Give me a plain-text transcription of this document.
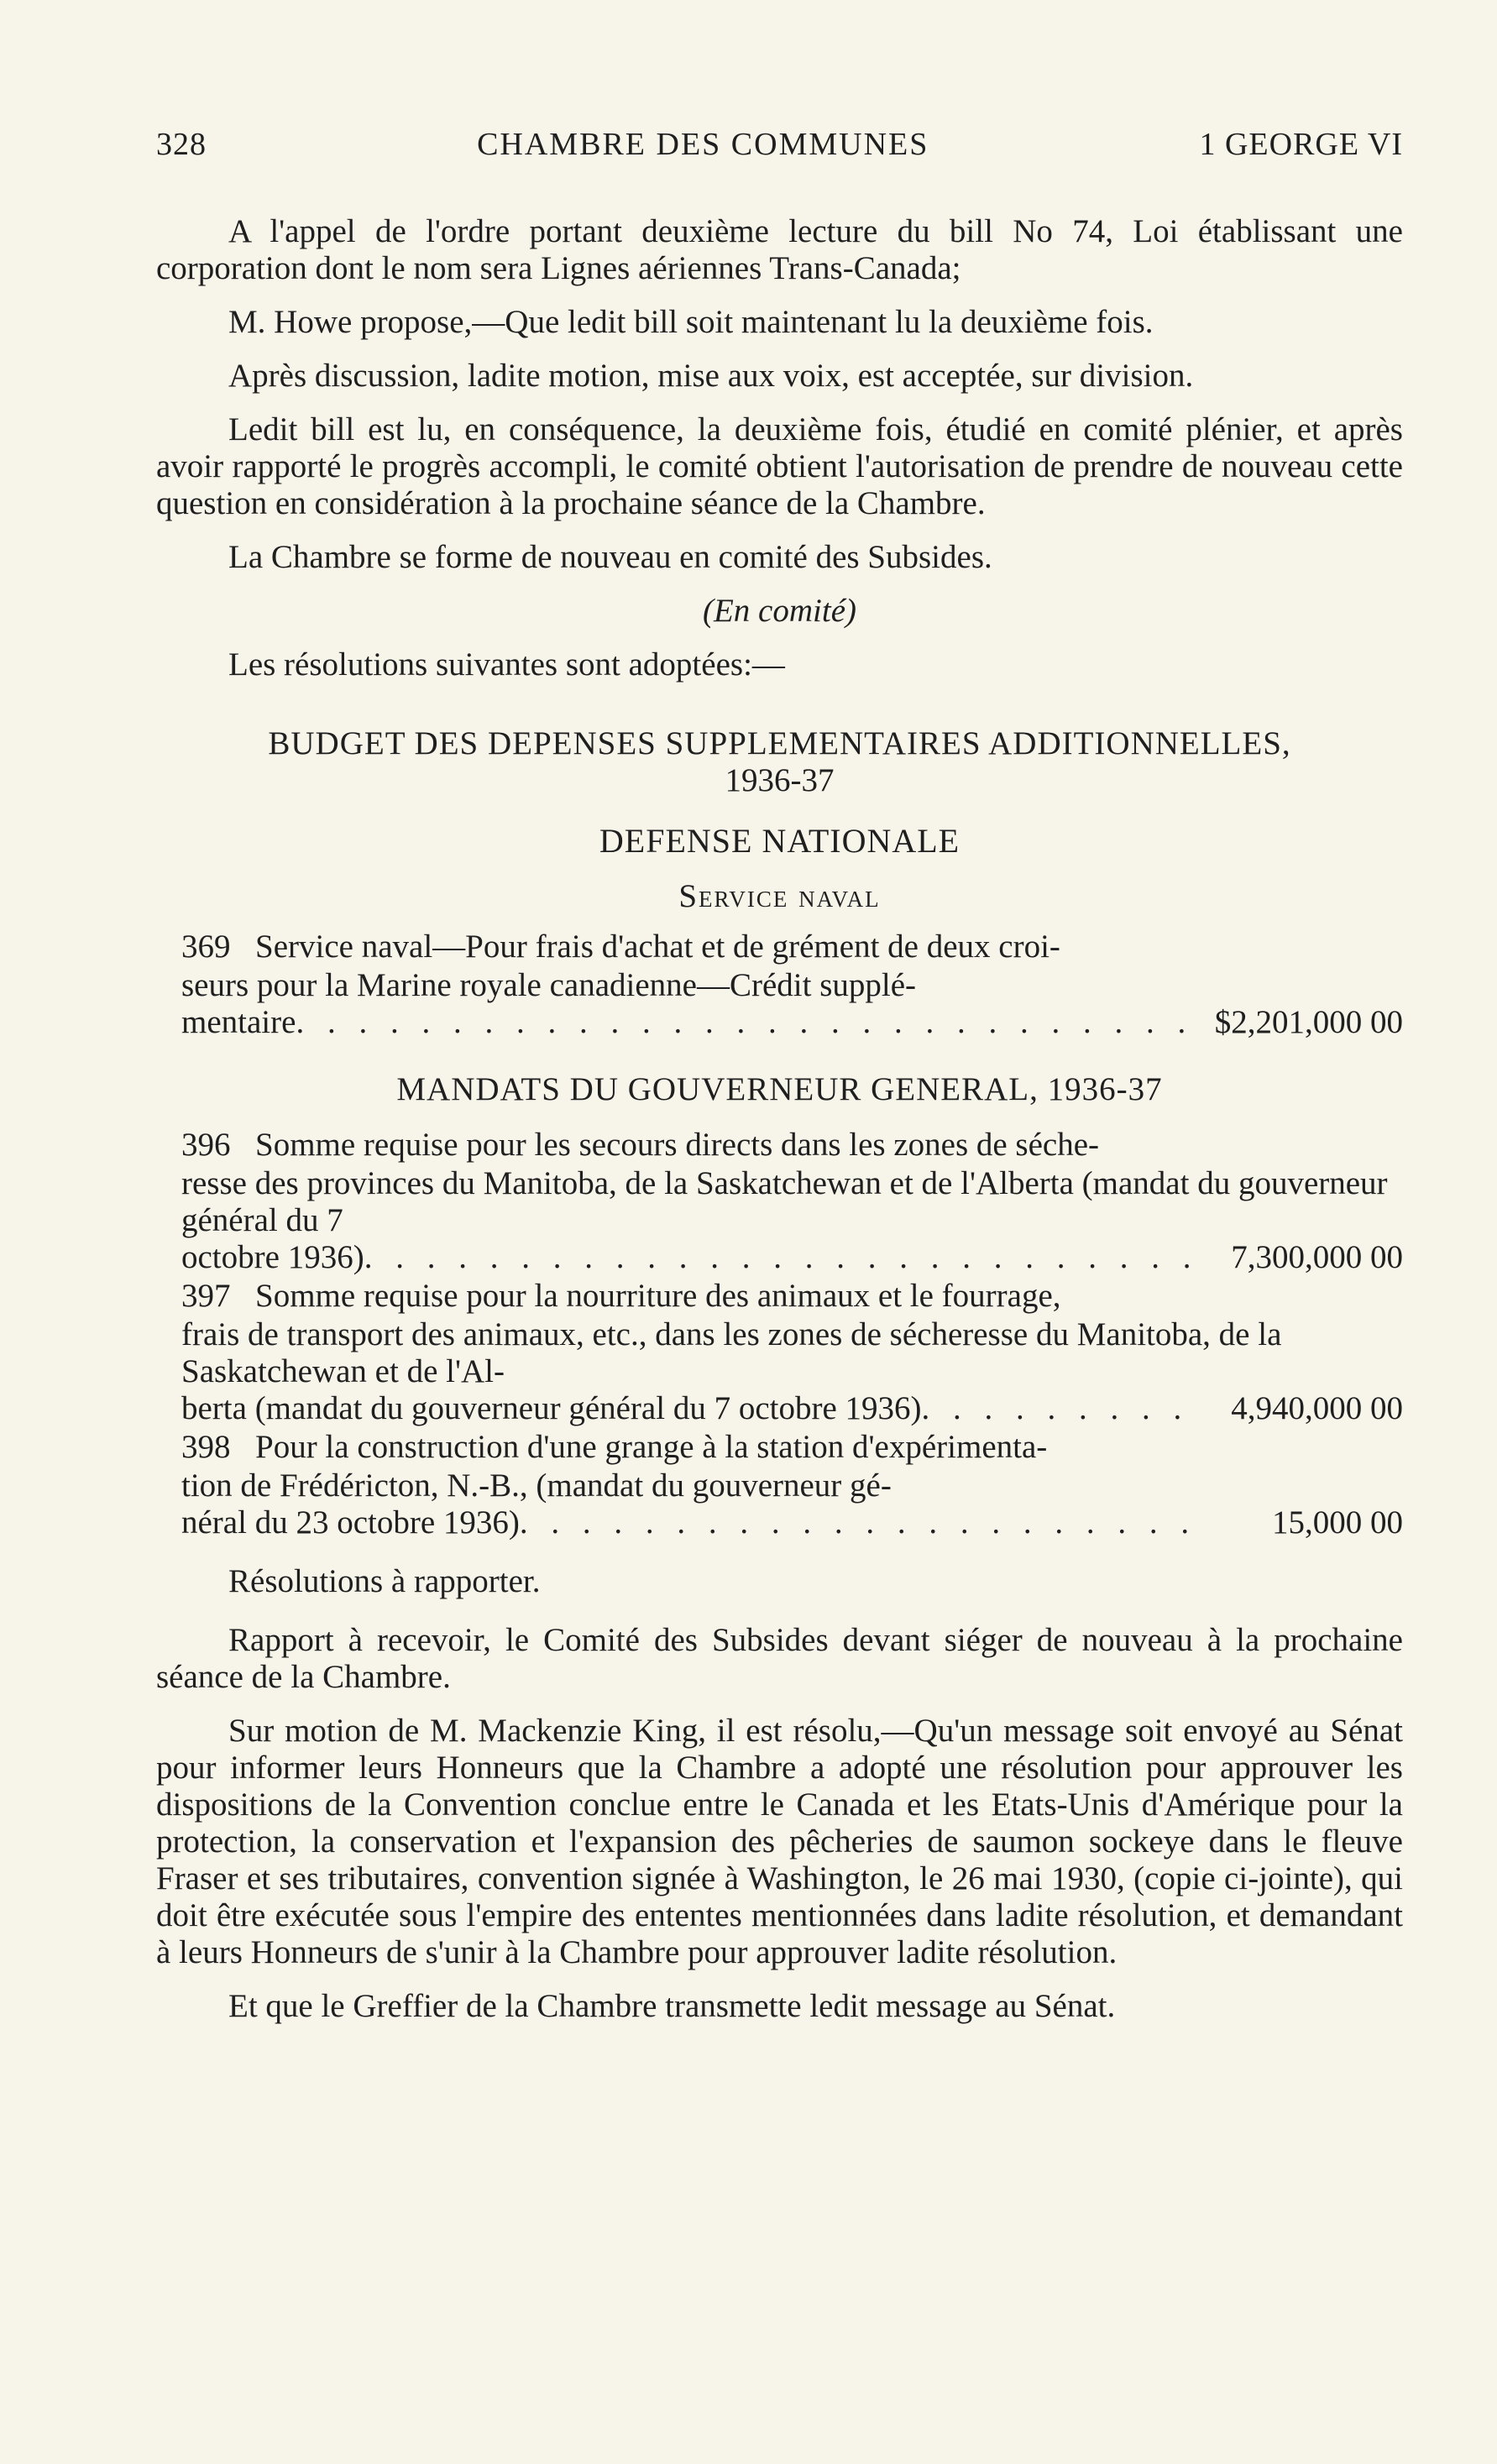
328	CHAMBRE DES COMMUNES	1 GEORGE VI

A l'appel de l'ordre portant deuxième lecture du bill No 74, Loi établissant une corporation dont le nom sera Lignes aériennes Trans-Canada;

M. Howe propose,—Que ledit bill soit maintenant lu la deuxième fois.

Après discussion, ladite motion, mise aux voix, est acceptée, sur division.

Ledit bill est lu, en conséquence, la deuxième fois, étudié en comité plénier, et après avoir rapporté le progrès accompli, le comité obtient l'autorisation de prendre de nouveau cette question en considération à la prochaine séance de la Chambre.

La Chambre se forme de nouveau en comité des Subsides.

(En comité)

Les résolutions suivantes sont adoptées:—

BUDGET DES DEPENSES SUPPLEMENTAIRES ADDITIONNELLES,
1936-37
DEFENSE NATIONALE
Service naval
369 Service naval—Pour frais d'achat et de grément de deux croi-
seurs pour la Marine royale canadienne—Crédit supplé-
mentaire . . .	$2,201,000 00
MANDATS DU GOUVERNEUR GENERAL, 1936-37
396 Somme requise pour les secours directs dans les zones de séche-
resse des provinces du Manitoba, de la Saskatchewan et de l'Alberta (mandat du gouverneur général du 7
octobre 1936) . . .	7,300,000 00
397 Somme requise pour la nourriture des animaux et le fourrage,
frais de transport des animaux, etc., dans les zones de sécheresse du Manitoba, de la Saskatchewan et de l'Al-
berta (mandat du gouverneur général du 7 octobre 1936) . . .	4,940,000 00
398 Pour la construction d'une grange à la station d'expérimenta-
tion de Frédéricton, N.-B., (mandat du gouverneur gé-
néral du 23 octobre 1936) . . .	15,000 00

Résolutions à rapporter.

Rapport à recevoir, le Comité des Subsides devant siéger de nouveau à la prochaine séance de la Chambre.

Sur motion de M. Mackenzie King, il est résolu,—Qu'un message soit envoyé au Sénat pour informer leurs Honneurs que la Chambre a adopté une résolution pour approuver les dispositions de la Convention conclue entre le Canada et les Etats-Unis d'Amérique pour la protection, la conservation et l'expansion des pêcheries de saumon sockeye dans le fleuve Fraser et ses tributaires, convention signée à Washington, le 26 mai 1930, (copie ci-jointe), qui doit être exécutée sous l'empire des ententes mentionnées dans ladite résolution, et demandant à leurs Honneurs de s'unir à la Chambre pour approuver ladite résolution.

Et que le Greffier de la Chambre transmette ledit message au Sénat.
